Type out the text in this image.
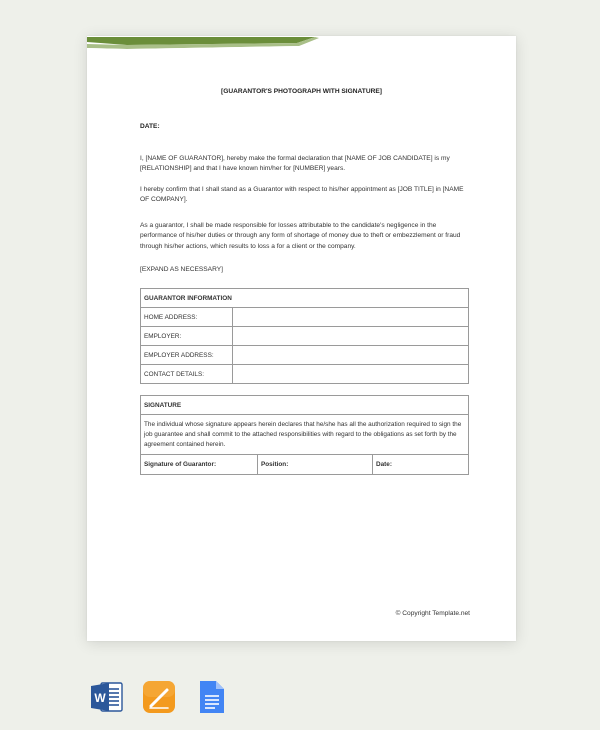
[GUARANTOR'S PHOTOGRAPH WITH SIGNATURE]
DATE:
I, [NAME OF GUARANTOR], hereby make the formal declaration that [NAME OF JOB CANDIDATE] is my [RELATIONSHIP] and that I have known him/her for [NUMBER] years.
I hereby confirm that I shall stand as a Guarantor with respect to his/her appointment as [JOB TITLE] in [NAME OF COMPANY].
As a guarantor, I shall be made responsible for losses attributable to the candidate's negligence in the performance of his/her duties or through any form of shortage of money due to theft or embezzlement or fraud through his/her actions, which results to loss a for a client or the company.
[EXPAND AS NECESSARY]
GUARANTOR INFORMATION	
HOME ADDRESS:	
EMPLOYER:	
EMPLOYER ADDRESS:	
CONTACT DETAILS:	
SIGNATURE
The individual whose signature appears herein declares that he/she has all the authorization required to sign the job guarantee and shall commit to the attached responsibilities with regard to the obligations as set forth by the agreement contained herein.
Signature of Guarantor:	Position:	Date:
© Copyright Template.net
W
